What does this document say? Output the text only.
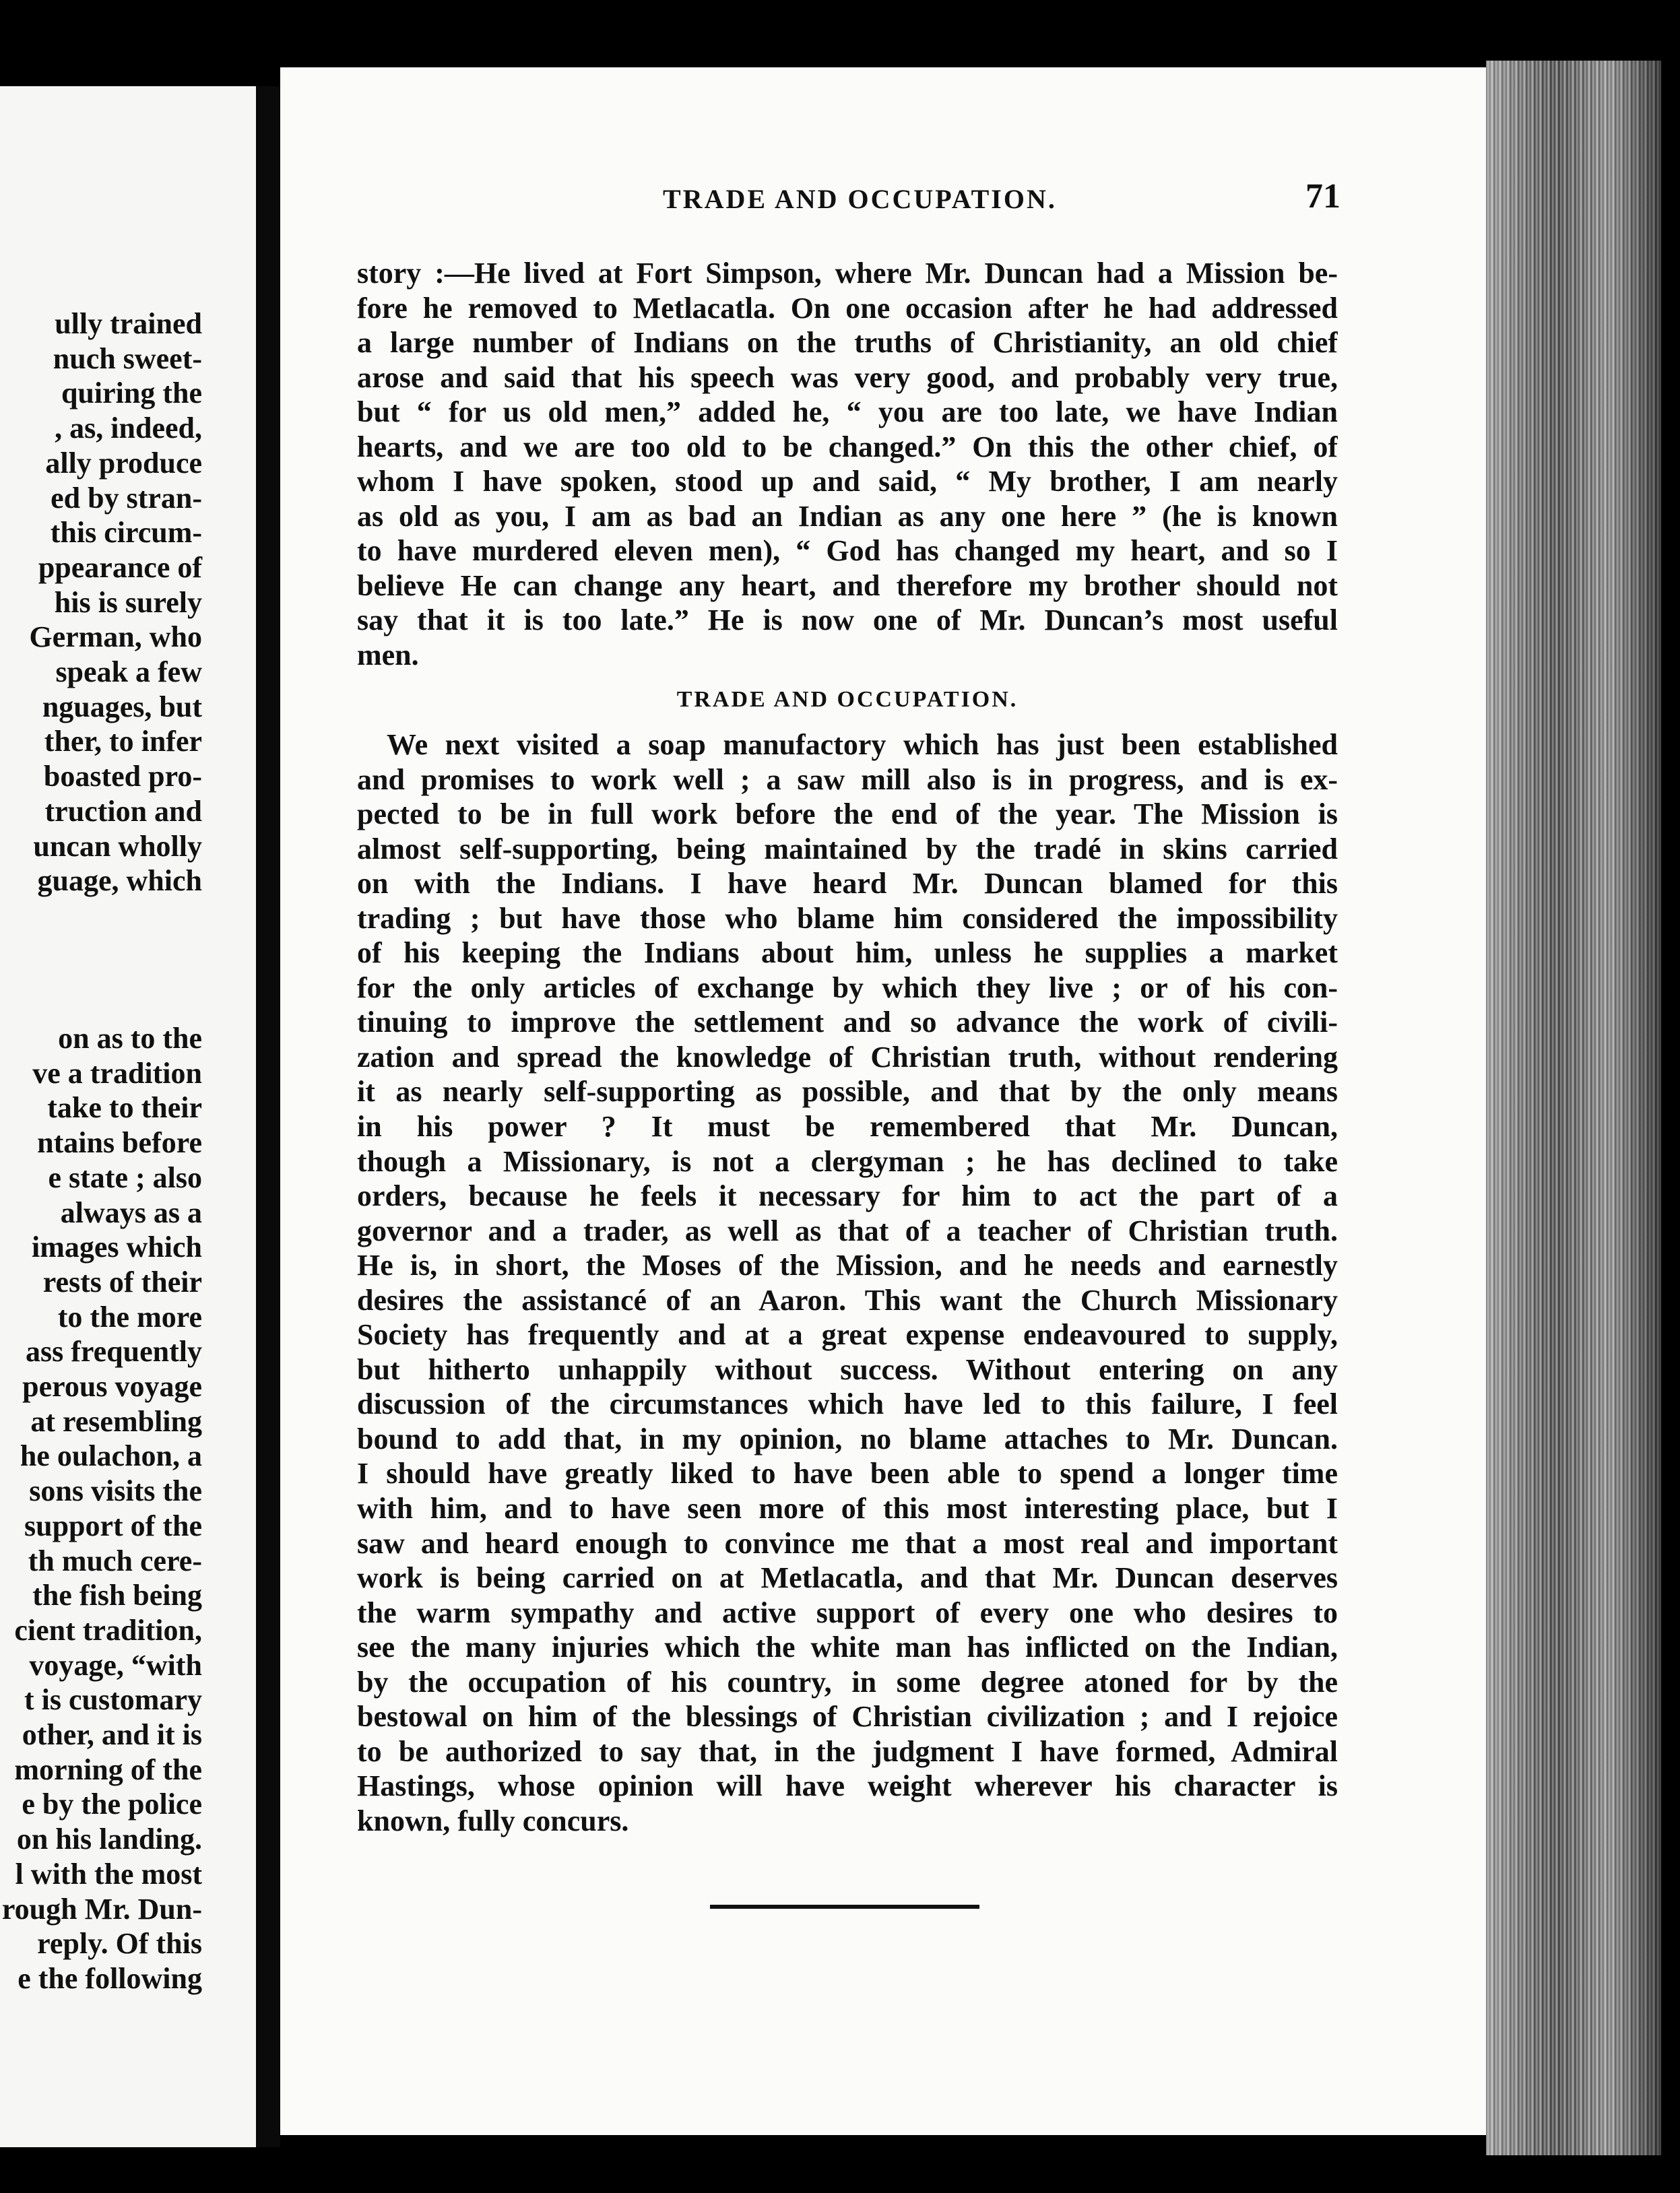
ully trained
nuch sweet-
quiring the
, as, indeed,
ally produce
ed by stran-
this circum-
ppearance of
his is surely
German, who
speak a few
nguages, but
ther, to infer
boasted pro-
truction and
uncan wholly
guage, which
on as to the
ve a tradition
take to their
ntains before
e state ; also
always as a
images which
rests of their
to the more
ass frequently
perous voyage
at resembling
he oulachon, a
sons visits the
support of the
th much cere-
the fish being
cient tradition,
voyage, “with
t is customary
other, and it is
morning of the
e by the police
on his landing.
l with the most
rough Mr. Dun-
reply. Of this
e the following
TRADE AND OCCUPATION.	71
story :—He lived at Fort Simpson, where Mr. Duncan had a Mission be-
fore he removed to Metlacatla. On one occasion after he had addressed
a large number of Indians on the truths of Christianity, an old chief
arose and said that his speech was very good, and probably very true,
but “ for us old men,” added he, “ you are too late, we have Indian
hearts, and we are too old to be changed.” On this the other chief, of
whom I have spoken, stood up and said, “ My brother, I am nearly
as old as you, I am as bad an Indian as any one here ” (he is known
to have murdered eleven men), “ God has changed my heart, and so I
believe He can change any heart, and therefore my brother should not
say that it is too late.” He is now one of Mr. Duncan’s most useful
men.
TRADE AND OCCUPATION.
We next visited a soap manufactory which has just been established
and promises to work well ; a saw mill also is in progress, and is ex-
pected to be in full work before the end of the year. The Mission is
almost self-supporting, being maintained by the tradé in skins carried
on with the Indians. I have heard Mr. Duncan blamed for this
trading ; but have those who blame him considered the impossibility
of his keeping the Indians about him, unless he supplies a market
for the only articles of exchange by which they live ; or of his con-
tinuing to improve the settlement and so advance the work of civili-
zation and spread the knowledge of Christian truth, without rendering
it as nearly self-supporting as possible, and that by the only means
in his power ? It must be remembered that Mr. Duncan,
though a Missionary, is not a clergyman ; he has declined to take
orders, because he feels it necessary for him to act the part of a
governor and a trader, as well as that of a teacher of Christian truth.
He is, in short, the Moses of the Mission, and he needs and earnestly
desires the assistancé of an Aaron. This want the Church Missionary
Society has frequently and at a great expense endeavoured to supply,
but hitherto unhappily without success. Without entering on any
discussion of the circumstances which have led to this failure, I feel
bound to add that, in my opinion, no blame attaches to Mr. Duncan.
I should have greatly liked to have been able to spend a longer time
with him, and to have seen more of this most interesting place, but I
saw and heard enough to convince me that a most real and important
work is being carried on at Metlacatla, and that Mr. Duncan deserves
the warm sympathy and active support of every one who desires to
see the many injuries which the white man has inflicted on the Indian,
by the occupation of his country, in some degree atoned for by the
bestowal on him of the blessings of Christian civilization ; and I rejoice
to be authorized to say that, in the judgment I have formed, Admiral
Hastings, whose opinion will have weight wherever his character is
known, fully concurs.
